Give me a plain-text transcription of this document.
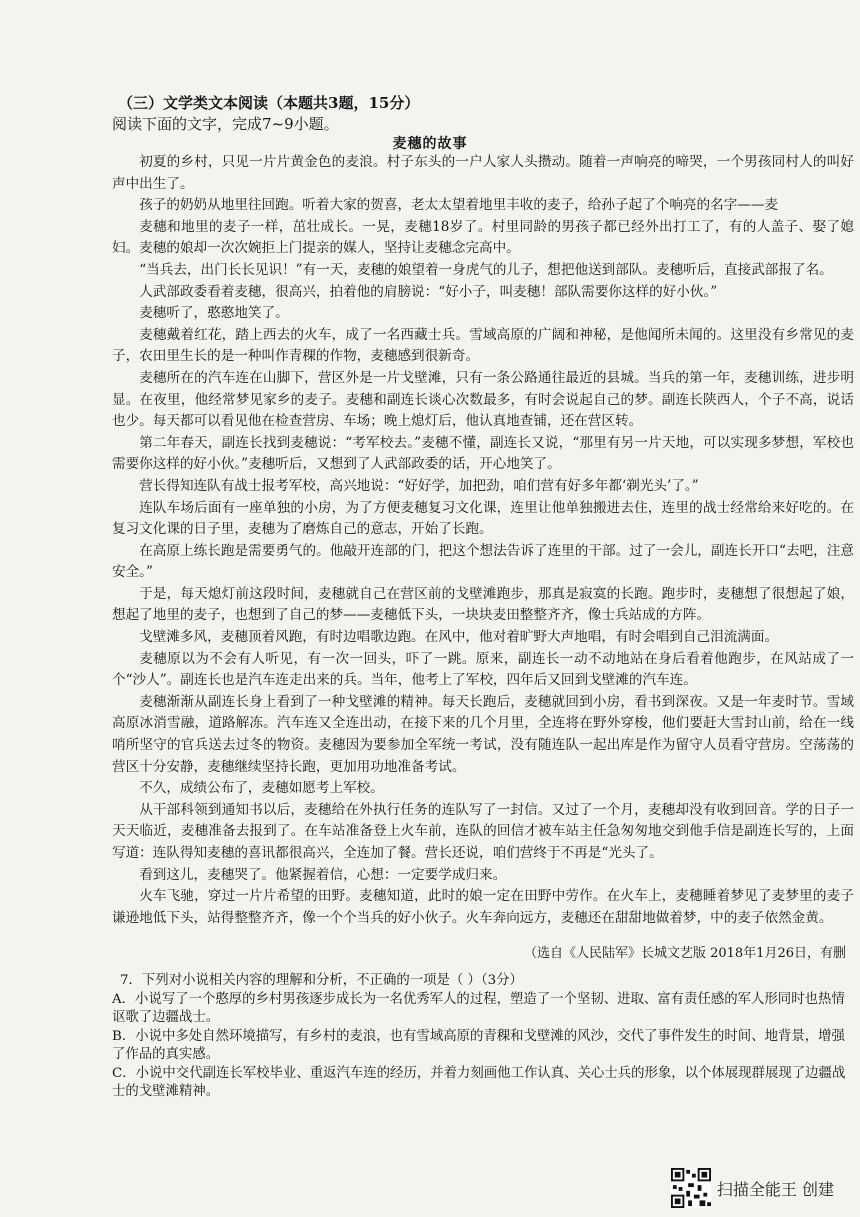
（三）文学类文本阅读（本题共3题，15分）
阅读下面的文字，完成7~9小题。
麦穗的故事

初夏的乡村，只见一片片黄金色的麦浪。村子东头的一户人家人头攒动。随着一声响亮的啼哭，一个男孩同村人的叫好声中出生了。

孩子的奶奶从地里往回跑。听着大家的贺喜，老太太望着地里丰收的麦子，给孙子起了个响亮的名字——麦

麦穗和地里的麦子一样，茁壮成长。一晃，麦穗18岁了。村里同龄的男孩子都已经外出打工了，有的人盖子、娶了媳妇。麦穗的娘却一次次婉拒上门提亲的媒人，坚持让麦穗念完高中。

“当兵去，出门长长见识！”有一天，麦穗的娘望着一身虎气的儿子，想把他送到部队。麦穗听后，直接武部报了名。

人武部政委看着麦穗，很高兴，拍着他的肩膀说：“好小子，叫麦穗！部队需要你这样的好小伙。”

麦穗听了，憨憨地笑了。

麦穗戴着红花，踏上西去的火车，成了一名西藏士兵。雪域高原的广阔和神秘，是他闻所未闻的。这里没有乡常见的麦子，农田里生长的是一种叫作青稞的作物，麦穗感到很新奇。

麦穗所在的汽车连在山脚下，营区外是一片戈壁滩，只有一条公路通往最近的县城。当兵的第一年，麦穗训练，进步明显。在夜里，他经常梦见家乡的麦子。麦穗和副连长谈心次数最多，有时会说起自己的梦。副连长陕西人，个子不高，说话也少。每天都可以看见他在检查营房、车场；晚上熄灯后，他认真地查铺，还在营区转。

第二年春天，副连长找到麦穗说：“考军校去。”麦穗不懂，副连长又说，“那里有另一片天地，可以实现多梦想，军校也需要你这样的好小伙。”麦穗听后，又想到了人武部政委的话，开心地笑了。

营长得知连队有战士报考军校，高兴地说：“好好学，加把劲，咱们营有好多年都‘剃光头’了。”

连队车场后面有一座单独的小房，为了方便麦穗复习文化课，连里让他单独搬进去住，连里的战士经常给来好吃的。在复习文化课的日子里，麦穗为了磨炼自己的意志，开始了长跑。

在高原上练长跑是需要勇气的。他敲开连部的门，把这个想法告诉了连里的干部。过了一会儿，副连长开口“去吧，注意安全。”

于是，每天熄灯前这段时间，麦穗就自己在营区前的戈壁滩跑步，那真是寂寞的长跑。跑步时，麦穗想了很想起了娘，想起了地里的麦子，也想到了自己的梦——麦穗低下头，一块块麦田整整齐齐，像士兵站成的方阵。

戈壁滩多风，麦穗顶着风跑，有时边唱歌边跑。在风中，他对着旷野大声地唱，有时会唱到自己泪流满面。

麦穗原以为不会有人听见，有一次一回头，吓了一跳。原来，副连长一动不动地站在身后看着他跑步，在风站成了一个“沙人”。副连长也是汽车连走出来的兵。当年，他考上了军校，四年后又回到戈壁滩的汽车连。

麦穗渐渐从副连长身上看到了一种戈壁滩的精神。每天长跑后，麦穗就回到小房，看书到深夜。又是一年麦时节。雪域高原冰消雪融，道路解冻。汽车连又全连出动，在接下来的几个月里，全连将在野外穿梭，他们要赶大雪封山前，给在一线哨所坚守的官兵送去过冬的物资。麦穗因为要参加全军统一考试，没有随连队一起出库是作为留守人员看守营房。空荡荡的营区十分安静，麦穗继续坚持长跑，更加用功地准备考试。

不久，成绩公布了，麦穗如愿考上军校。

从干部科领到通知书以后，麦穗给在外执行任务的连队写了一封信。又过了一个月，麦穗却没有收到回音。学的日子一天天临近，麦穗准备去报到了。在车站准备登上火车前，连队的回信才被车站主任急匆匆地交到他手信是副连长写的，上面写道：连队得知麦穗的喜讯都很高兴，全连加了餐。营长还说，咱们营终于不再是“光头了。

看到这儿，麦穗哭了。他紧握着信，心想：一定要学成归来。

火车飞驰，穿过一片片希望的田野。麦穗知道，此时的娘一定在田野中劳作。在火车上，麦穗睡着梦见了麦梦里的麦子谦逊地低下头，站得整整齐齐，像一个个当兵的好小伙子。火车奔向远方，麦穗还在甜甜地做着梦，中的麦子依然金黄。

（选自《人民陆军》长城文艺版 2018年1月26日，有删

7．下列对小说相关内容的理解和分析，不正确的一项是（ ）（3分）

A．小说写了一个憨厚的乡村男孩逐步成长为一名优秀军人的过程，塑造了一个坚韧、进取、富有责任感的军人形同时也热情讴歌了边疆战士。

B．小说中多处自然环境描写，有乡村的麦浪，也有雪域高原的青稞和戈壁滩的风沙，交代了事件发生的时间、地背景，增强了作品的真实感。

C．小说中交代副连长军校毕业、重返汽车连的经历，并着力刻画他工作认真、关心士兵的形象，以个体展现群展现了边疆战士的戈壁滩精神。

扫描全能王 创建
